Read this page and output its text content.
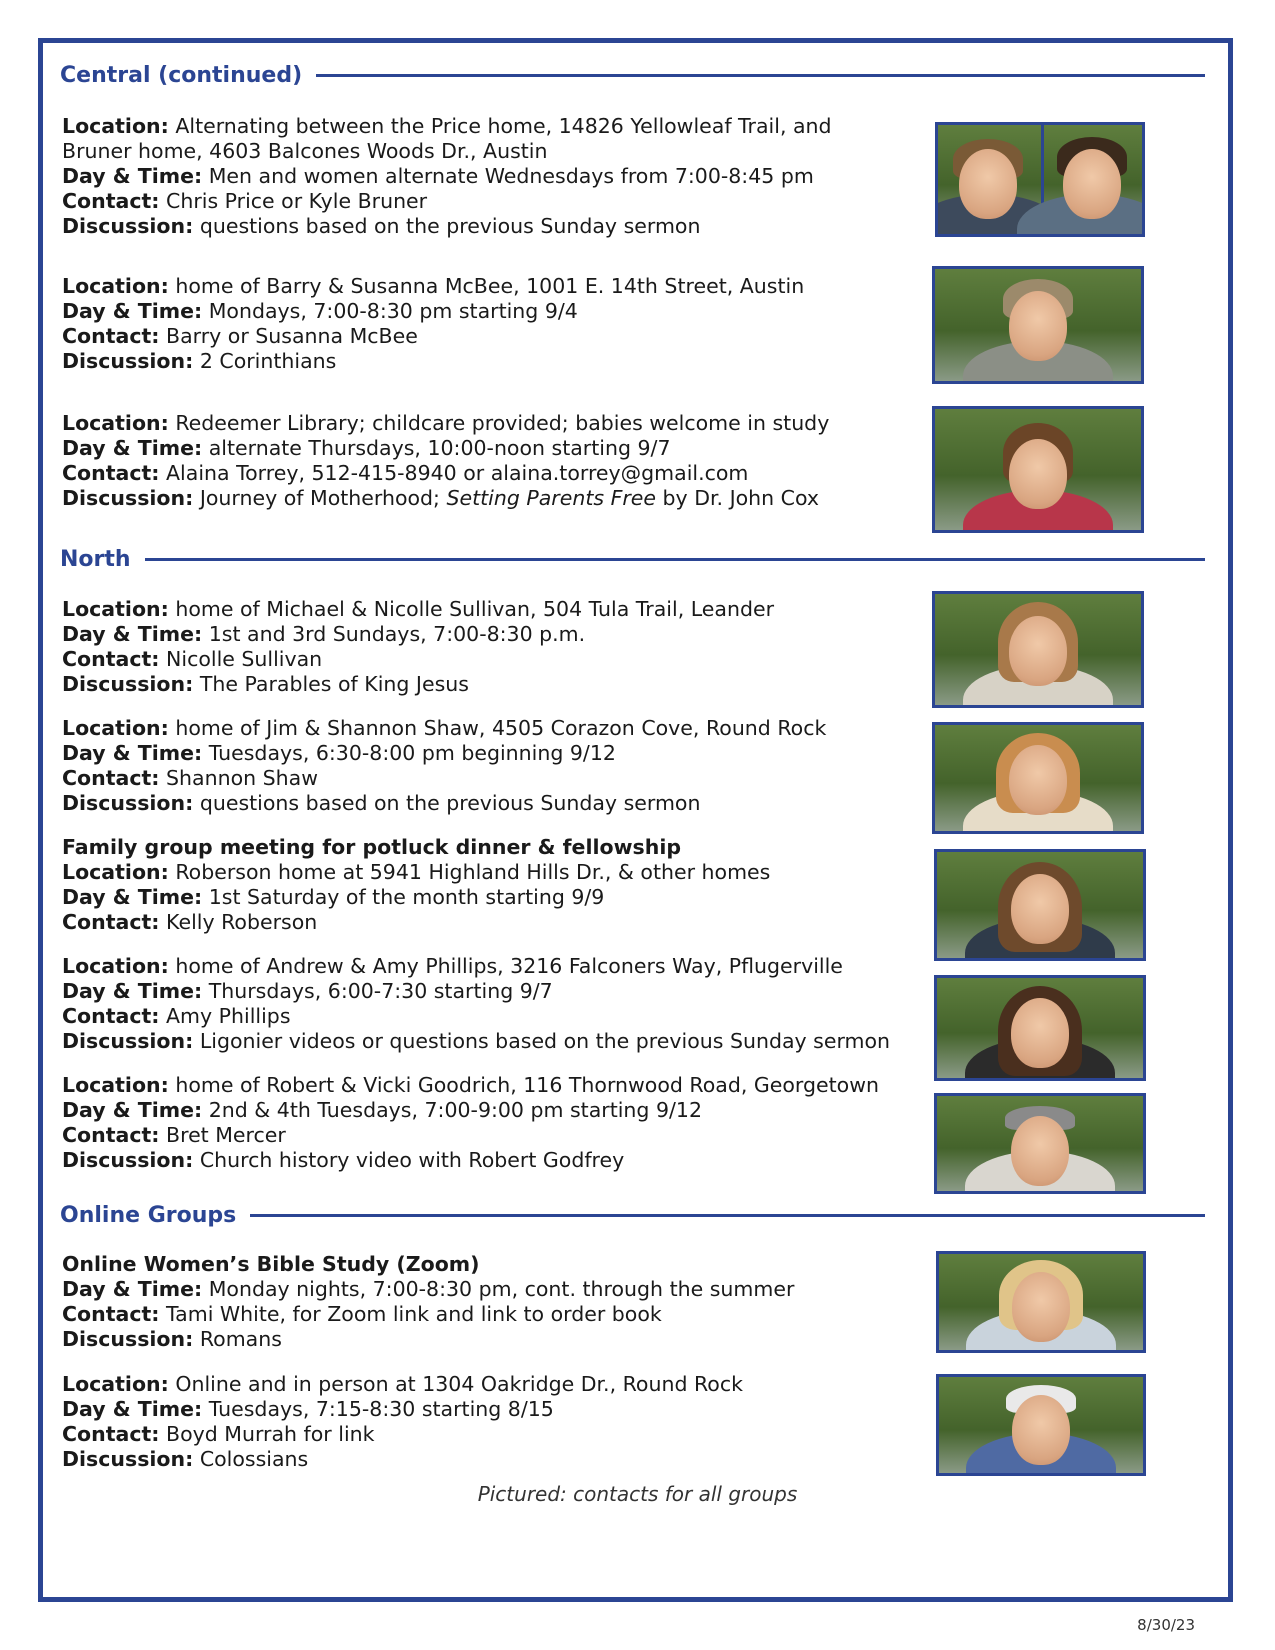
Central (continued)
Location: Alternating between the Price home, 14826 Yellowleaf Trail, and
Bruner home, 4603 Balcones Woods Dr., Austin
Day & Time: Men and women alternate Wednesdays from 7:00-8:45 pm
Contact: Chris Price or Kyle Bruner
Discussion: questions based on the previous Sunday sermon
Location: home of Barry & Susanna McBee, 1001 E. 14th Street, Austin
Day & Time: Mondays, 7:00-8:30 pm starting 9/4
Contact: Barry or Susanna McBee
Discussion: 2 Corinthians
Location: Redeemer Library; childcare provided; babies welcome in study
Day & Time: alternate Thursdays, 10:00-noon starting 9/7
Contact: Alaina Torrey, 512-415-8940 or alaina.torrey@gmail.com
Discussion: Journey of Motherhood; Setting Parents Free by Dr. John Cox
North
Location: home of Michael & Nicolle Sullivan, 504 Tula Trail, Leander
Day & Time: 1st and 3rd Sundays, 7:00-8:30 p.m.
Contact: Nicolle Sullivan
Discussion: The Parables of King Jesus
Location: home of Jim & Shannon Shaw, 4505 Corazon Cove, Round Rock
Day & Time: Tuesdays, 6:30-8:00 pm beginning 9/12
Contact: Shannon Shaw
Discussion: questions based on the previous Sunday sermon
Family group meeting for potluck dinner & fellowship
Location: Roberson home at 5941 Highland Hills Dr., & other homes
Day & Time: 1st Saturday of the month starting 9/9
Contact: Kelly Roberson
Location: home of Andrew & Amy Phillips, 3216 Falconers Way, Pflugerville
Day & Time: Thursdays, 6:00-7:30 starting 9/7
Contact: Amy Phillips
Discussion: Ligonier videos or questions based on the previous Sunday sermon
Location: home of Robert & Vicki Goodrich, 116 Thornwood Road, Georgetown
Day & Time: 2nd & 4th Tuesdays, 7:00-9:00 pm starting 9/12
Contact: Bret Mercer
Discussion: Church history video with Robert Godfrey
Online Groups
Online Women’s Bible Study (Zoom)
Day & Time: Monday nights, 7:00-8:30 pm, cont. through the summer
Contact: Tami White, for Zoom link and link to order book
Discussion: Romans
Location: Online and in person at 1304 Oakridge Dr., Round Rock
Day & Time: Tuesdays, 7:15-8:30 starting 8/15
Contact: Boyd Murrah for link
Discussion: Colossians
Pictured: contacts for all groups
8/30/23
